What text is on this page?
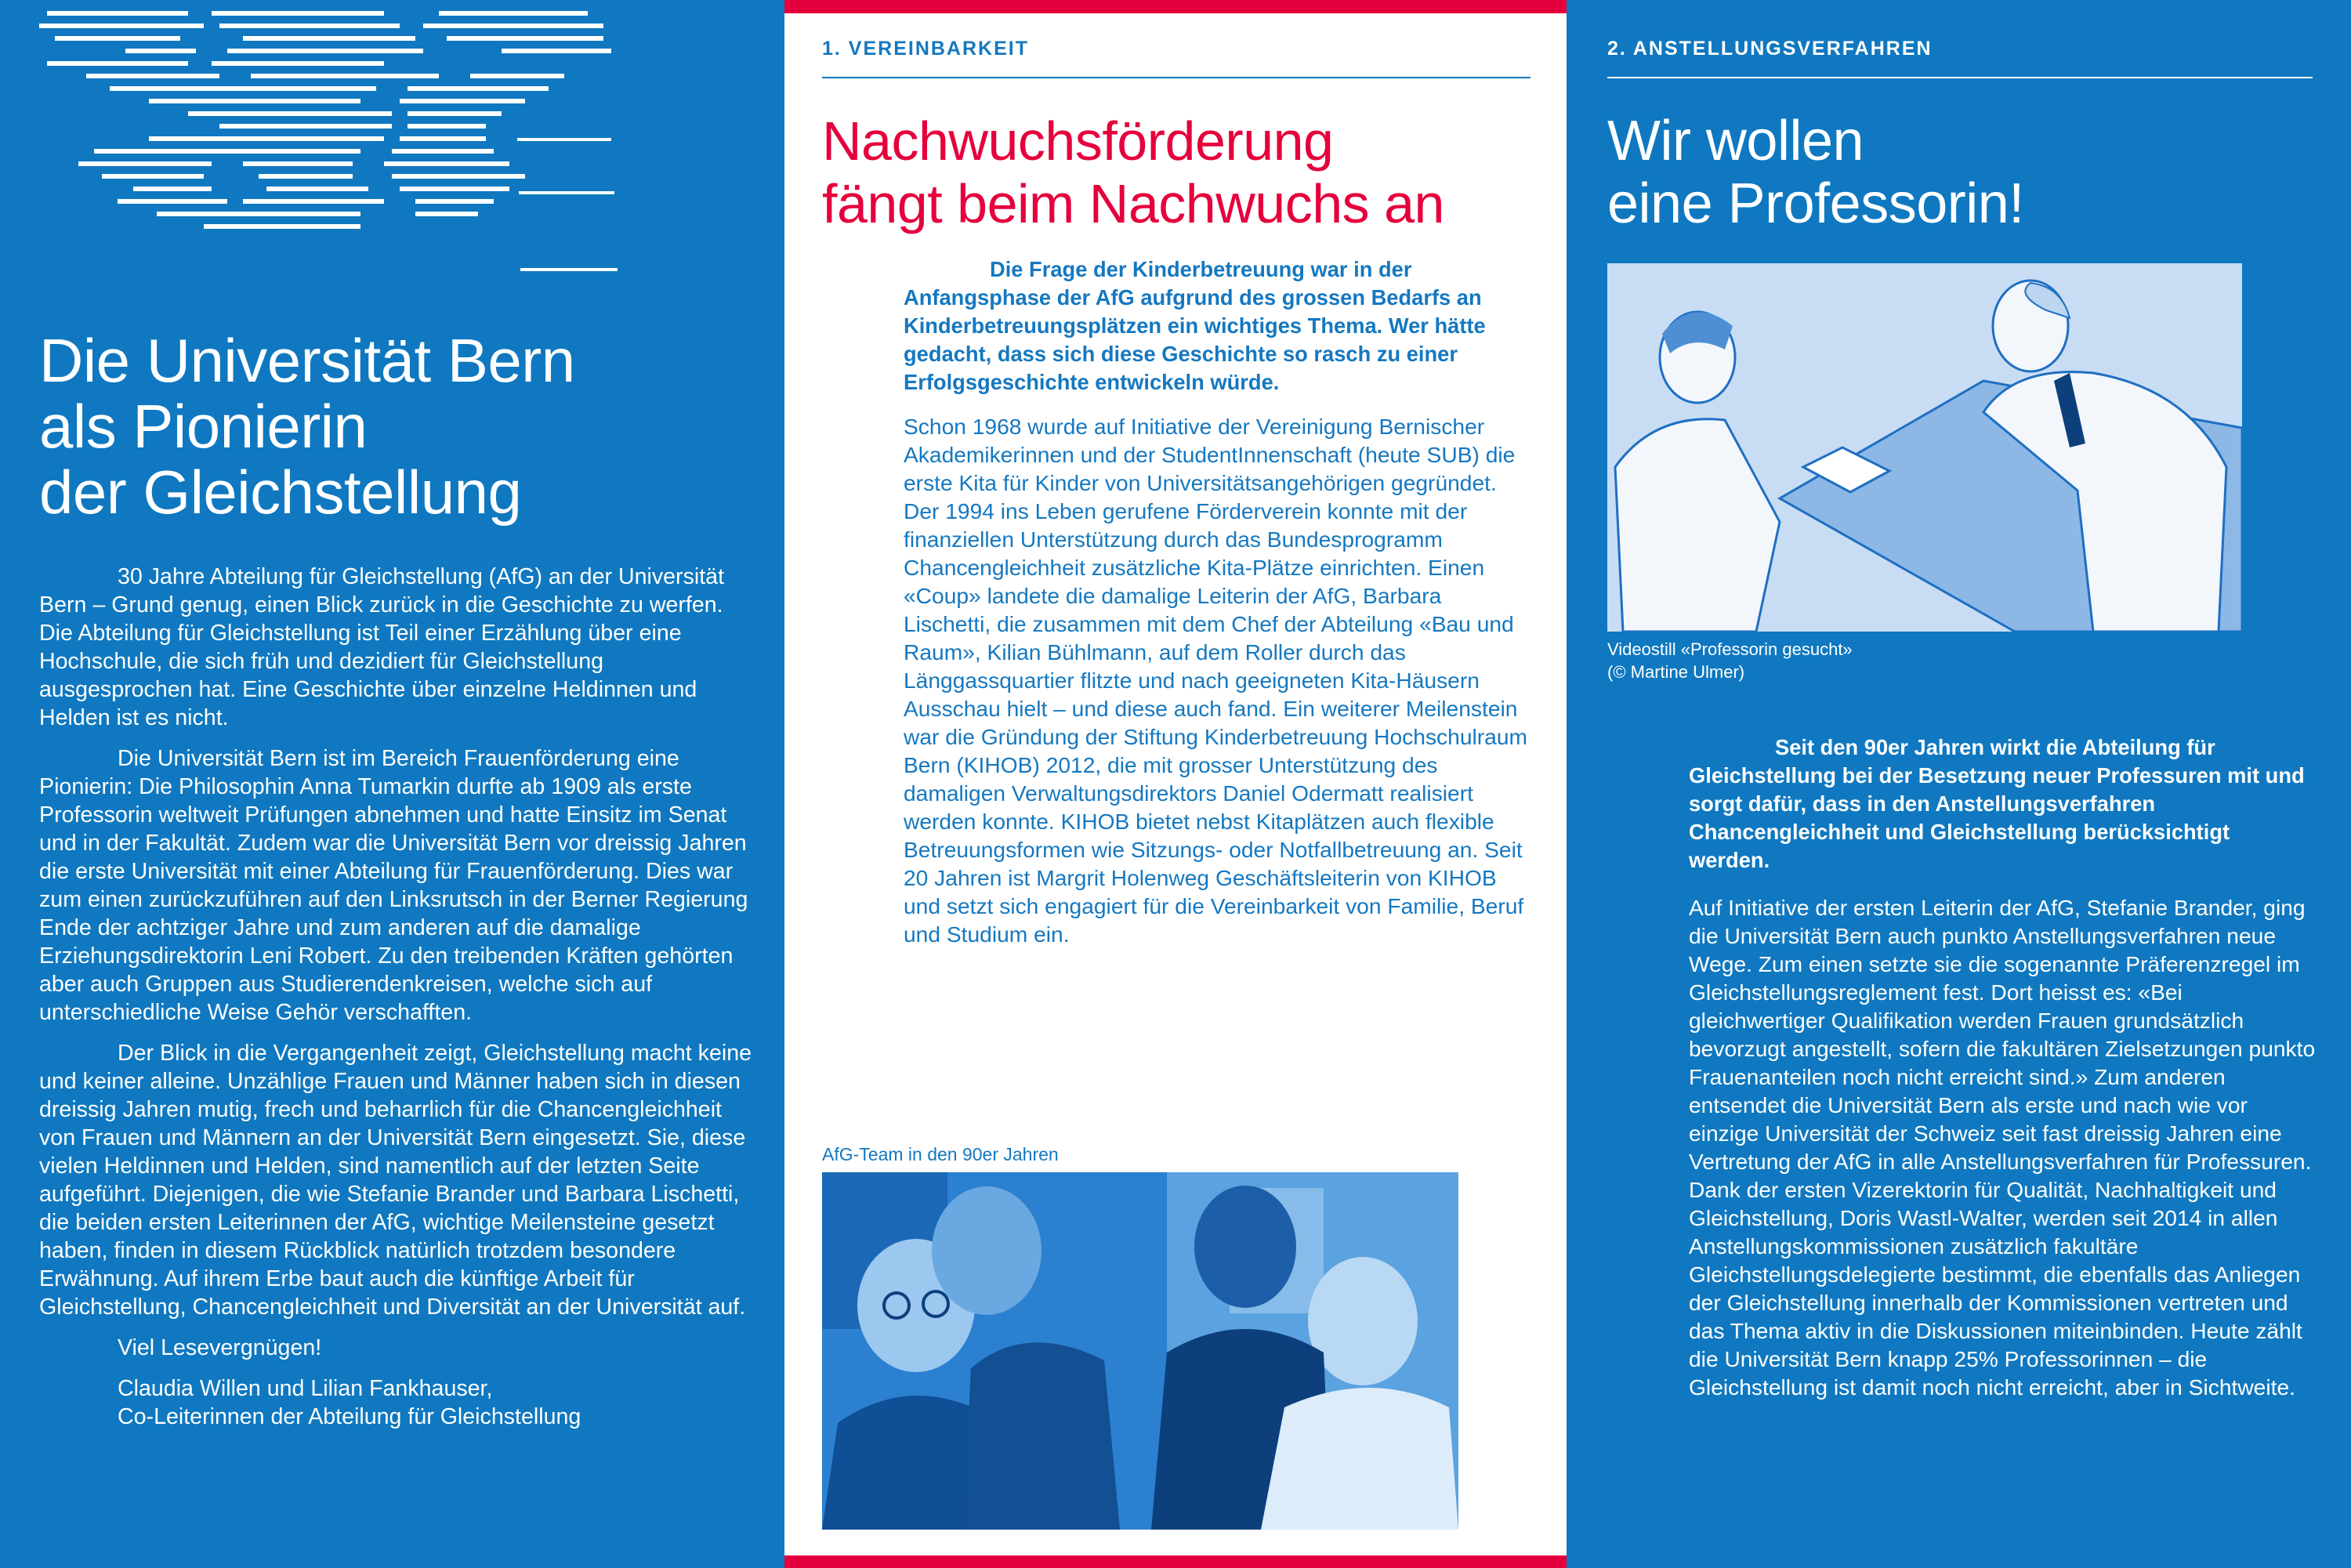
Die Universität Bern
als Pionierin
der Gleichstellung

30 Jahre Abteilung für Gleichstellung (AfG) an der Universität Bern – Grund genug, einen Blick zurück in die Geschichte zu werfen. Die Abteilung für Gleichstellung ist Teil einer Erzählung über eine Hochschule, die sich früh und dezidiert für Gleichstellung ausgesprochen hat. Eine Geschichte über einzelne Heldinnen und Helden ist es nicht.

Die Universität Bern ist im Bereich Frauenförderung eine Pionierin: Die Philosophin Anna Tumarkin durfte ab 1909 als erste Professorin weltweit Prüfungen abnehmen und hatte Einsitz im Senat und in der Fakultät. Zudem war die Universität Bern vor dreissig Jahren die erste Universität mit einer Abteilung für Frauenförderung. Dies war zum einen zurückzuführen auf den Linksrutsch in der Berner Regierung Ende der achtziger Jahre und zum anderen auf die damalige Erziehungsdirektorin Leni Robert. Zu den treibenden Kräften gehörten aber auch Gruppen aus Studierendenkreisen, welche sich auf unterschiedliche Weise Gehör verschafften.

Der Blick in die Vergangenheit zeigt, Gleichstellung macht keine und keiner alleine. Unzählige Frauen und Männer haben sich in diesen dreissig Jahren mutig, frech und beharrlich für die Chancengleichheit von Frauen und Männern an der Universität Bern eingesetzt. Sie, diese vielen Heldinnen und Helden, sind namentlich auf der letzten Seite aufgeführt. Diejenigen, die wie Stefanie Brander und Barbara Lischetti, die beiden ersten Leiterinnen der AfG, wichtige Meilensteine gesetzt haben, finden in diesem Rückblick natürlich trotzdem besondere Erwähnung. Auf ihrem Erbe baut auch die künftige Arbeit für Gleichstellung, Chancengleichheit und Diversität an der Universität auf.

Viel Lesevergnügen!

Claudia Willen und Lilian Fankhauser,

Co-Leiterinnen der Abteilung für Gleichstellung

1. VEREINBARKEIT
Nachwuchsförderung
fängt beim Nachwuchs an

Die Frage der Kinderbetreuung war in der Anfangsphase der AfG aufgrund des grossen Bedarfs an Kinderbetreuungsplätzen ein wichtiges Thema. Wer hätte gedacht, dass sich diese Geschichte so rasch zu einer Erfolgsgeschichte entwickeln würde.

Schon 1968 wurde auf Initiative der Vereinigung Bernischer Akademikerinnen und der StudentInnenschaft (heute SUB) die erste Kita für Kinder von Universitätsangehörigen gegründet. Der 1994 ins Leben gerufene Förderverein konnte mit der finanziellen Unterstützung durch das Bundesprogramm Chancengleichheit zusätzliche Kita-Plätze einrichten. Einen «Coup» landete die damalige Leiterin der AfG, Barbara Lischetti, die zusammen mit dem Chef der Abteilung «Bau und Raum», Kilian Bühlmann, auf dem Roller durch das Länggassquartier flitzte und nach geeigneten Kita-Häusern Ausschau hielt – und diese auch fand. Ein weiterer Meilenstein war die Gründung der Stiftung Kinderbetreuung Hochschulraum Bern (KIHOB) 2012, die mit grosser Unterstützung des damaligen Verwaltungsdirektors Daniel Odermatt realisiert werden konnte. KIHOB bietet nebst Kitaplätzen auch flexible Betreuungsformen wie Sitzungs- oder Notfallbetreuung an. Seit 20 Jahren ist Margrit Holenweg Geschäftsleiterin von KIHOB und setzt sich engagiert für die Vereinbarkeit von Familie, Beruf und Studium ein.

AfG-Team in den 90er Jahren
2. ANSTELLUNGSVERFAHREN
Wir wollen
eine Professorin!
Videostill «Professorin gesucht»
(© Martine Ulmer)

Seit den 90er Jahren wirkt die Abteilung für Gleichstellung bei der Besetzung neuer Professuren mit und sorgt dafür, dass in den Anstellungsverfahren Chancengleichheit und Gleichstellung berücksichtigt werden.

Auf Initiative der ersten Leiterin der AfG, Stefanie Brander, ging die Universität Bern auch punkto Anstellungsverfahren neue Wege. Zum einen setzte sie die sogenannte Präferenzregel im Gleichstellungsreglement fest. Dort heisst es: «Bei gleichwertiger Qualifikation werden Frauen grundsätzlich bevorzugt angestellt, sofern die fakultären Zielsetzungen punkto Frauenanteilen noch nicht erreicht sind.» Zum anderen entsendet die Universität Bern als erste und nach wie vor einzige Universität der Schweiz seit fast dreissig Jahren eine Vertretung der AfG in alle Anstellungsverfahren für Professuren. Dank der ersten Vizerektorin für Qualität, Nachhaltigkeit und Gleichstellung, Doris Wastl-Walter, werden seit 2014 in allen Anstellungskommissionen zusätzlich fakultäre Gleichstellungsdelegierte bestimmt, die ebenfalls das Anliegen der Gleichstellung innerhalb der Kommissionen vertreten und das Thema aktiv in die Diskussionen miteinbinden. Heute zählt die Universität Bern knapp 25% Professorinnen – die Gleichstellung ist damit noch nicht erreicht, aber in Sichtweite.
